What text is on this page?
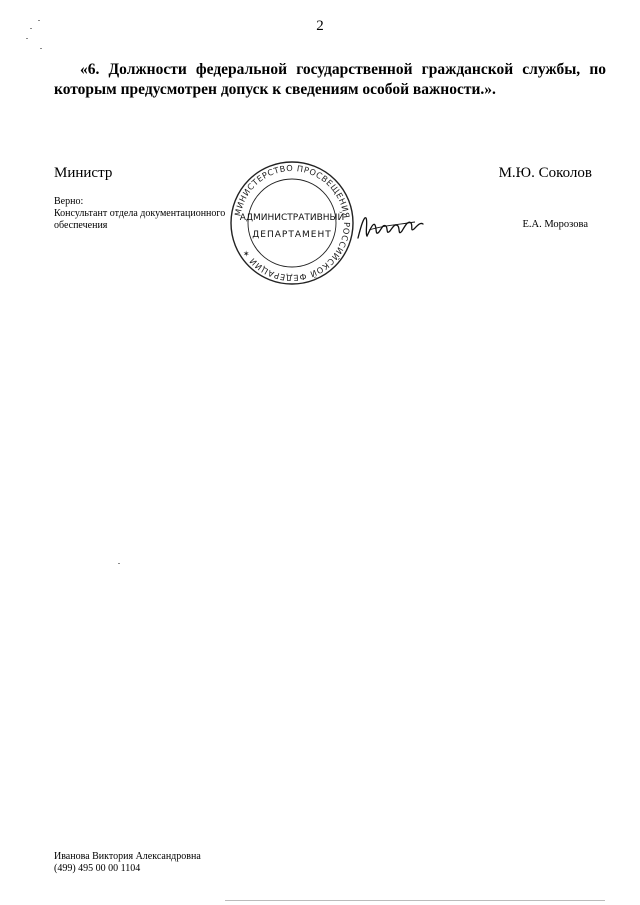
2
«6. Должности федеральной государственной гражданской службы, по которым предусмотрен допуск к сведениям особой важности.».
Министр	М.Ю. Соколов
Верно:
Консультант отдела документационного
обеспечения	Е.А. Морозова
МИНИСТЕРСТВО ПРОСВЕЩЕНИЯ РОССИЙСКОЙ ФЕДЕРАЦИИ ✶
АДМИНИСТРАТИВНЫЙ
ДЕПАРТАМЕНТ
Иванова Виктория Александровна
(499) 495 00 00 1104
